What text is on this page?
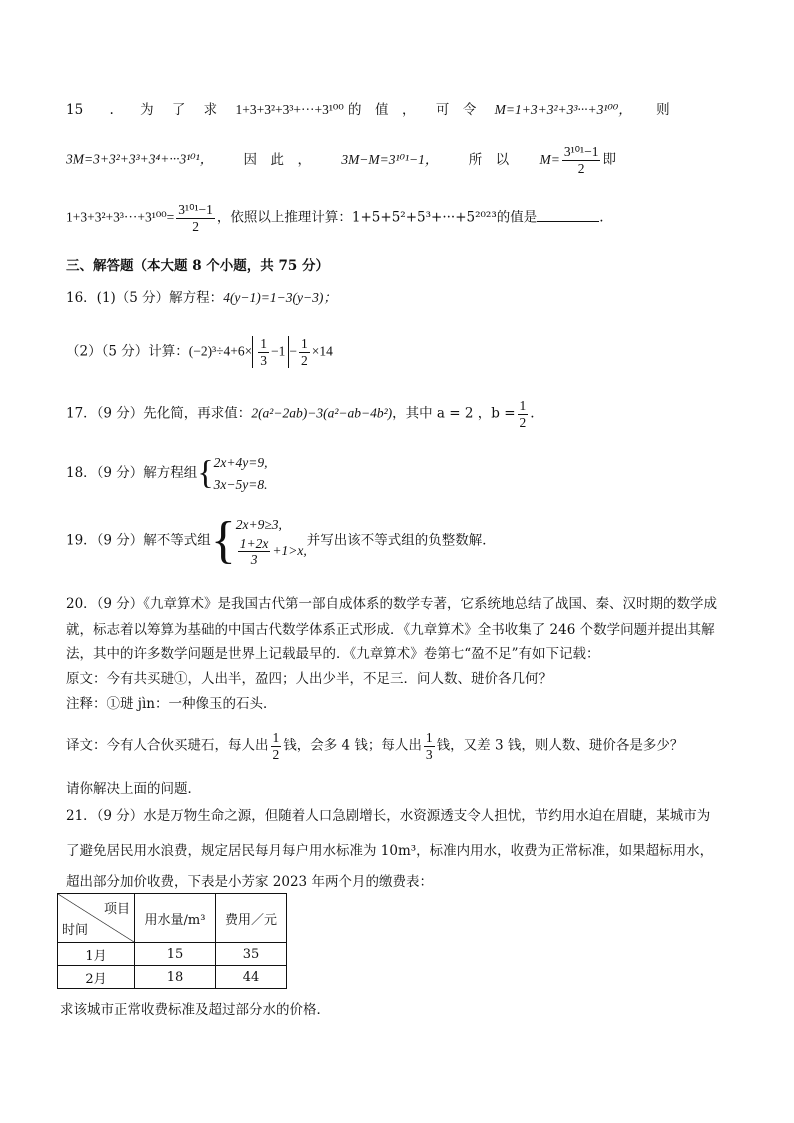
15 . 为 了 求 1+3+3²+3³+···+3¹⁰⁰ 的　值　， 可　令 M=1+3+3²+3³···+3¹⁰⁰， 则
3M=3+3²+3³+3⁴+···3¹⁰¹， 因　此　， 3M−M=3¹⁰¹−1， 所　以 $M= \frac{\text{3¹⁰¹−1}}{2}$ 即
$1+3+3^2+3^3\cdot\cdot\cdot+3^{100}= \frac{\text{3¹⁰¹−1}}{2}$ ，依照以上推理计算：1+5+5²+5³+···+5²⁰²³的值是	.
三、解答题（本大题 8 个小题，共 75 分）
16．(1)（5 分）解方程：4(y−1)=1−3(y−3)；
（2）（5 分）计算：$(-2)^3\div 4+6\times \frac{1}{3} -1 - \frac{1}{2} \times 14$
17．（9 分）先化简，再求值：2(a²−2ab)−3(a²−ab−4b²)，其中 a = 2 ，$b = \frac{1}{2}$ .
18．（9 分）解方程组{ 2x+4y=9,
3x−5y=8.
19．（9 分）解不等式组{ 2x+9≥3,
$\frac{1+2x}{3} +1>x$,
并写出该不等式组的负整数解．
20．（9 分）《九章算术》是我国古代第一部自成体系的数学专著，它系统地总结了战国、秦、汉时期的数学成
就，标志着以筹算为基础的中国古代数学体系正式形成．《九章算术》全书收集了 246 个数学问题并提出其解
法，其中的许多数学问题是世界上记载最早的．《九章算术》卷第七“盈不足”有如下记载：
原文：今有共买琎①，人出半，盈四；人出少半，不足三．问人数、琎价各几何？
注释：①琎 jìn：一种像玉的石头．
译文：今有人合伙买琎石，每人出 $\frac{1}{2}$ 钱，会多 4 钱；每人出 $\frac{1}{3}$ 钱，又差 3 钱，则人数、琎价各是多少？
请你解决上面的问题．
21．（9 分）水是万物生命之源，但随着人口急剧增长，水资源透支令人担忧，节约用水迫在眉睫，某城市为
了避免居民用水浪费，规定居民每月每户用水标准为 10m³，标准内用水，收费为正常标准，如果超标用水，
超出部分加价收费，下表是小芳家 2023 年两个月的缴费表：
项目
时间	用水量/m³	费用／元
1月	15	35
2月	18	44
求该城市正常收费标准及超过部分水的价格．
